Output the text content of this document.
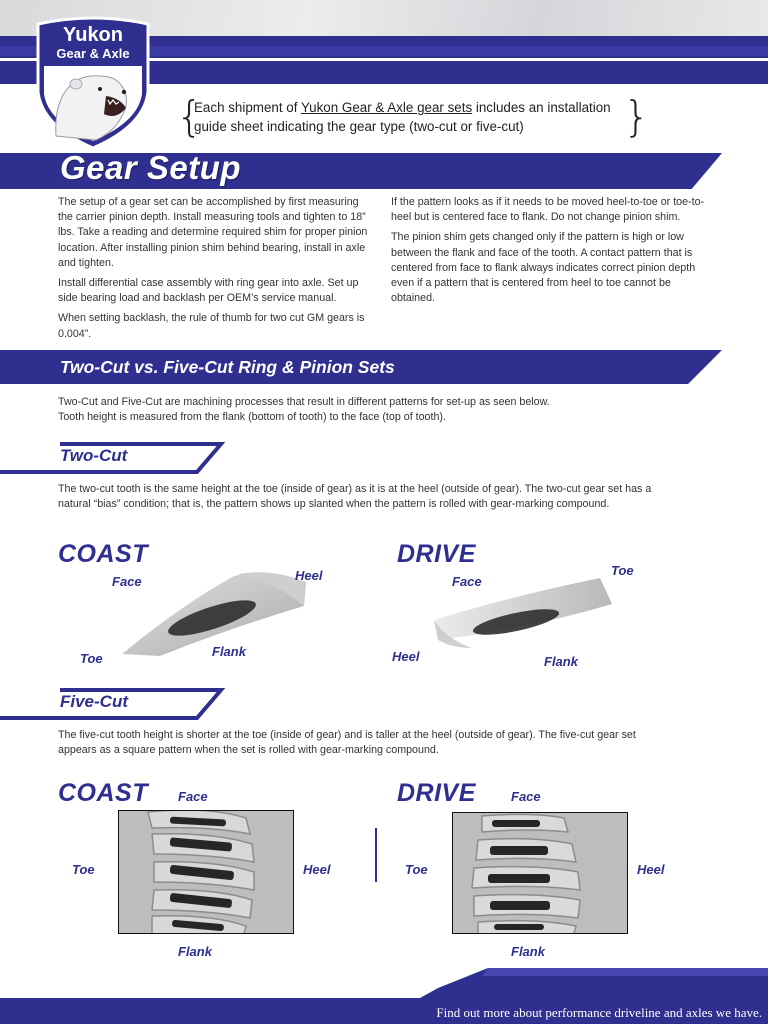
Yukon
Gear & Axle
{

Each shipment of Yukon Gear & Axle gear sets includes an installation guide sheet indicating the gear type (two-cut or five-cut)	}
Gear Setup

The setup of a gear set can be accomplished by first measuring the carrier pinion depth. Install measuring tools and tighten to 18” lbs. Take a reading and determine required shim for proper pinion location. After installing pinion shim behind bearing, install in axle and tighten.

Install differential case assembly with ring gear into axle. Set up side bearing load and backlash per OEM’s service manual.

When setting backlash, the rule of thumb for two cut GM gears is 0.004”.

If the pattern looks as if it needs to be moved heel-to-toe or toe-to-heel but is centered face to flank. Do not change pinion shim.

The pinion shim gets changed only if the pattern is high or low between the flank and face of the tooth. A contact pattern that is centered from face to flank always indicates correct pinion depth even if a pattern that is centered from heel to toe cannot be obtained.

Two-Cut vs. Five-Cut Ring & Pinion Sets
Two-Cut and Five-Cut are machining processes that result in different patterns for set-up as seen below.
Tooth height is measured from the flank (bottom of tooth) to the face (top of tooth).
Two-Cut
The two-cut tooth is the same height at the toe (inside of gear) as it is at the heel (outside of gear). The two-cut gear set has a natural “bias” condition; that is, the pattern shows up slanted when the pattern is rolled with gear-marking compound.
COAST
Face	Heel
Toe	Flank
DRIVE
Face
Toe
Heel	Flank
Five-Cut
The five-cut tooth height is shorter at the toe (inside of gear) and is taller at the heel (outside of gear). The five-cut gear set appears as a square pattern when the set is rolled with gear-marking compound.
COAST Face
Toe	Heel
Flank
DRIVE	Face
Toe	Heel
Flank
Find out more about performance driveline and axles we have.
